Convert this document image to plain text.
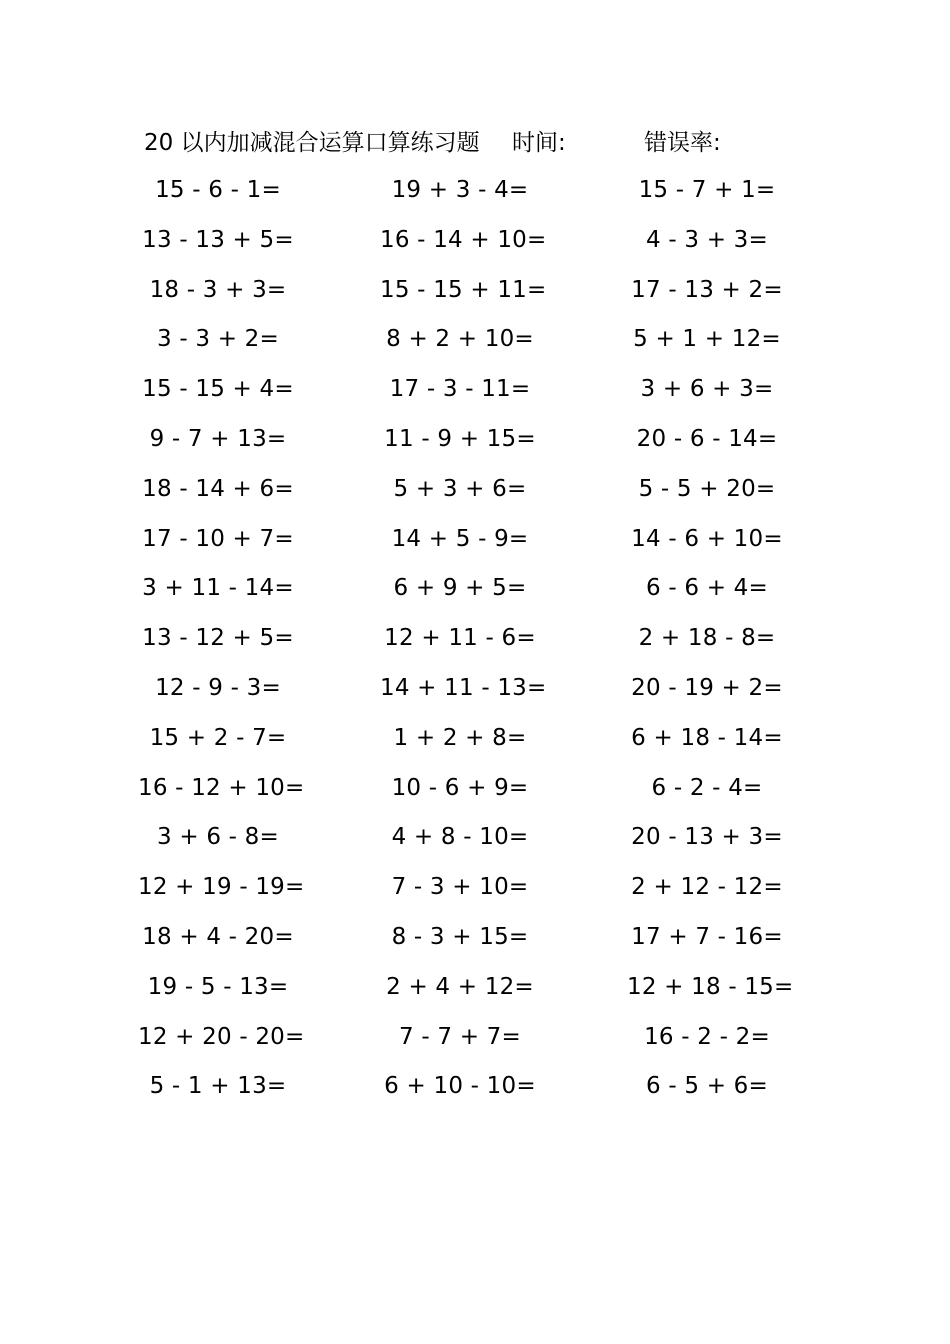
20 以内加减混合运算口算练习题 时间:	错误率:
15 - 6 - 1=	19 + 3 - 4=	15 - 7 + 1=
13 - 13 + 5=	16 - 14 + 10=	4 - 3 + 3=
18 - 3 + 3=	15 - 15 + 11=	17 - 13 + 2=
3 - 3 + 2=	8 + 2 + 10=	5 + 1 + 12=
15 - 15 + 4=	17 - 3 - 11=	3 + 6 + 3=
9 - 7 + 13=	11 - 9 + 15=	20 - 6 - 14=
18 - 14 + 6=	5 + 3 + 6=	5 - 5 + 20=
17 - 10 + 7=	14 + 5 - 9=	14 - 6 + 10=
3 + 11 - 14=	6 + 9 + 5=	6 - 6 + 4=
13 - 12 + 5=	12 + 11 - 6=	2 + 18 - 8=
12 - 9 - 3=	14 + 11 - 13=	20 - 19 + 2=
15 + 2 - 7=	1 + 2 + 8=	6 + 18 - 14=
16 - 12 + 10=	10 - 6 + 9=	6 - 2 - 4=
3 + 6 - 8=	4 + 8 - 10=	20 - 13 + 3=
12 + 19 - 19=	7 - 3 + 10=	2 + 12 - 12=
18 + 4 - 20=	8 - 3 + 15=	17 + 7 - 16=
19 - 5 - 13=	2 + 4 + 12=	12 + 18 - 15=
12 + 20 - 20=	7 - 7 + 7=	16 - 2 - 2=
5 - 1 + 13=	6 + 10 - 10=	6 - 5 + 6=
